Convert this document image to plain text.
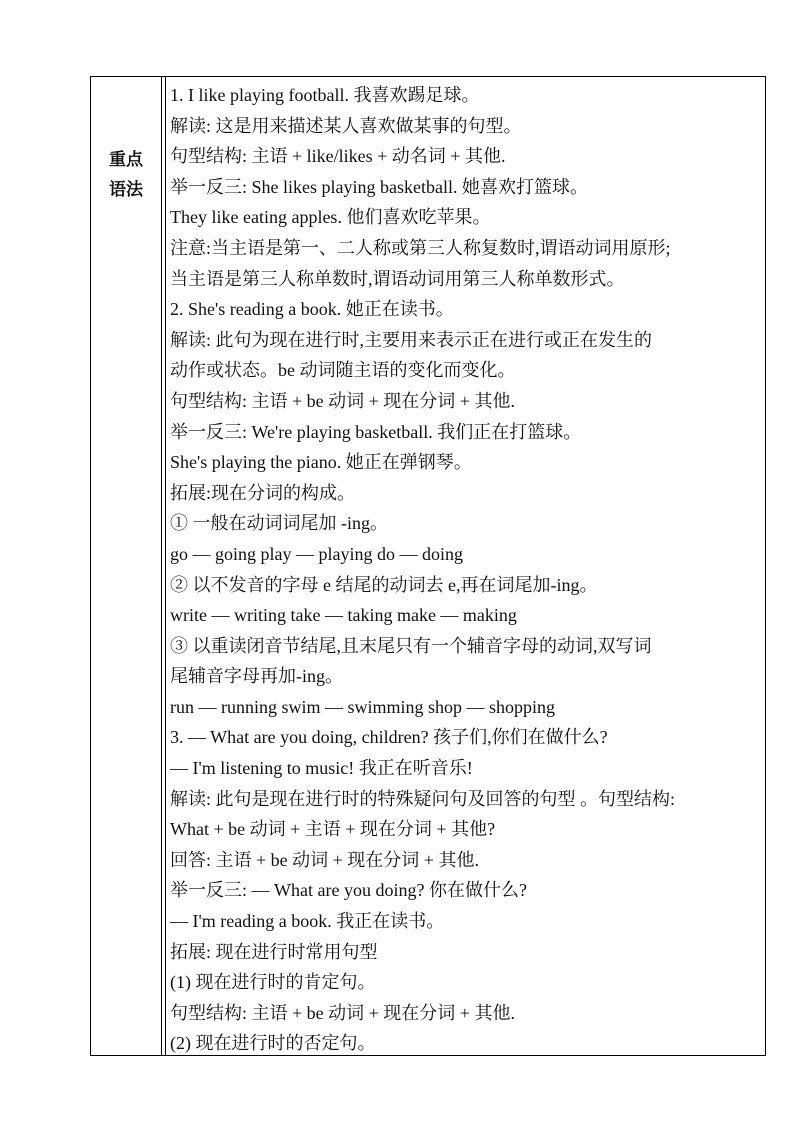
重点
语法
1. I like playing football. 我喜欢踢足球。
解读: 这是用来描述某人喜欢做某事的句型。
句型结构: 主语 + like/likes + 动名词 + 其他.
举一反三: She likes playing basketball. 她喜欢打篮球。
They like eating apples. 他们喜欢吃苹果。
注意:当主语是第一、二人称或第三人称复数时,谓语动词用原形;
当主语是第三人称单数时,谓语动词用第三人称单数形式。
2. She's reading a book. 她正在读书。
解读: 此句为现在进行时,主要用来表示正在进行或正在发生的
动作或状态。be 动词随主语的变化而变化。
句型结构: 主语 + be 动词 + 现在分词 + 其他.
举一反三: We're playing basketball. 我们正在打篮球。
She's playing the piano. 她正在弹钢琴。
拓展:现在分词的构成。
① 一般在动词词尾加 -ing。
go — going play — playing do — doing
② 以不发音的字母 e 结尾的动词去 e,再在词尾加-ing。
write — writing take — taking make — making
③ 以重读闭音节结尾,且末尾只有一个辅音字母的动词,双写词
尾辅音字母再加-ing。
run — running swim — swimming shop — shopping
3. — What are you doing, children? 孩子们,你们在做什么?
— I'm listening to music! 我正在听音乐!
解读: 此句是现在进行时的特殊疑问句及回答的句型 。句型结构:
What + be 动词 + 主语 + 现在分词 + 其他?
回答: 主语 + be 动词 + 现在分词 + 其他.
举一反三: — What are you doing? 你在做什么?
— I'm reading a book. 我正在读书。
拓展: 现在进行时常用句型
(1) 现在进行时的肯定句。
句型结构: 主语 + be 动词 + 现在分词 + 其他.
(2) 现在进行时的否定句。
